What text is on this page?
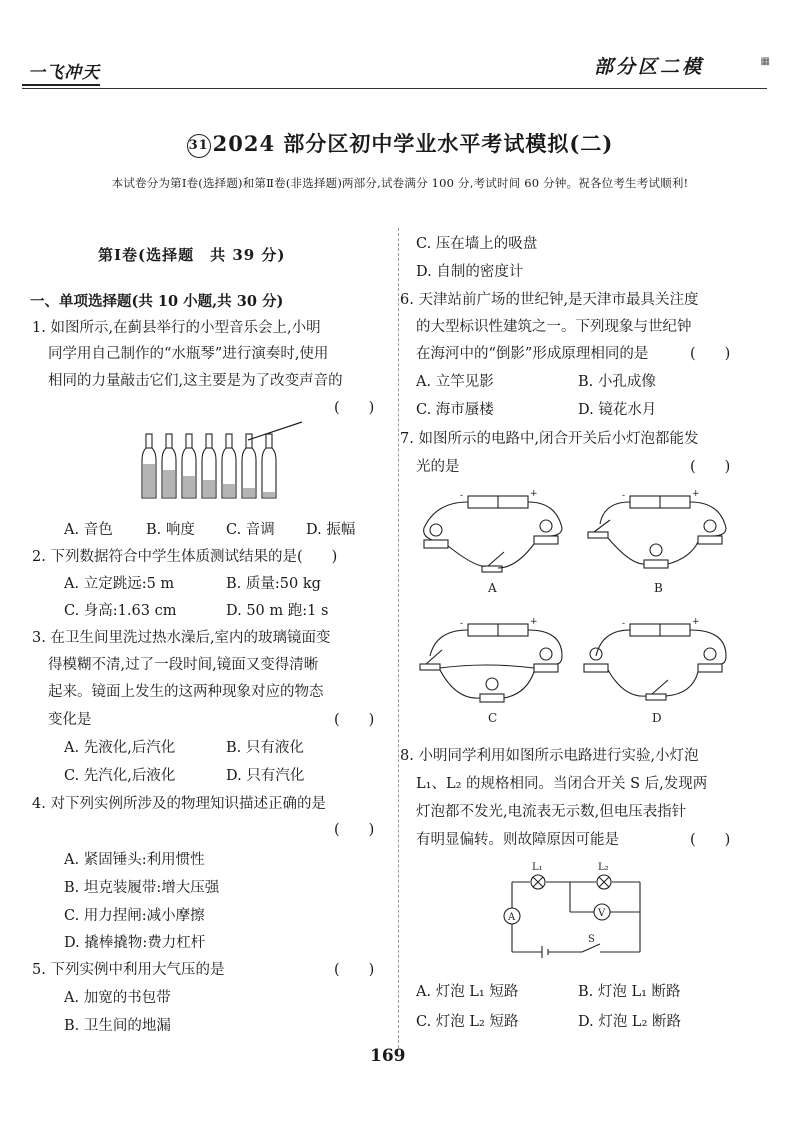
一飞冲天	部分区二模	▦
31 2024 部分区初中学业水平考试模拟(二)
本试卷分为第Ⅰ卷(选择题)和第Ⅱ卷(非选择题)两部分,试卷满分 100 分,考试时间 60 分钟。祝各位考生考试顺利!
第Ⅰ卷(选择题　共 39 分)
一、单项选择题(共 10 小题,共 30 分)
1. 如图所示,在蓟县举行的小型音乐会上,小明
同学用自己制作的“水瓶琴”进行演奏时,使用
相同的力量敲击它们,这主要是为了改变声音的
(　　)
A. 音色 B. 响度 C. 音调 D. 振幅
2. 下列数据符合中学生体质测试结果的是(　　)
A. 立定跳远:5 m	B. 质量:50 kg
C. 身高:1.63 cm	D. 50 m 跑:1 s
3. 在卫生间里洗过热水澡后,室内的玻璃镜面变
得模糊不清,过了一段时间,镜面又变得清晰
起来。镜面上发生的这两种现象对应的物态
变化是	(　　)
A. 先液化,后汽化	B. 只有液化
C. 先汽化,后液化	D. 只有汽化
4. 对下列实例所涉及的物理知识描述正确的是
(　　)
A. 紧固锤头:利用惯性
B. 坦克装履带:增大压强
C. 用力捏闸:减小摩擦
D. 撬棒撬物:费力杠杆
5. 下列实例中利用大气压的是	(　　)
A. 加宽的书包带
B. 卫生间的地漏
C. 压在墙上的吸盘
D. 自制的密度计
6. 天津站前广场的世纪钟,是天津市最具关注度
的大型标识性建筑之一。下列现象与世纪钟
在海河中的“倒影”形成原理相同的是	(　　)
A. 立竿见影	B. 小孔成像
C. 海市蜃楼	D. 镜花水月
7. 如图所示的电路中,闭合开关后小灯泡都能发
光的是	(　　)
-	+
A
-	+
B
-	+
C
-	+
D
8. 小明同学利用如图所示电路进行实验,小灯泡
L₁、L₂ 的规格相同。当闭合开关 S 后,发现两
灯泡都不发光,电流表无示数,但电压表指针
有明显偏转。则故障原因可能是	(　　)
L₁	L₂
A	V
S
A. 灯泡 L₁ 短路	B. 灯泡 L₁ 断路
C. 灯泡 L₂ 短路	D. 灯泡 L₂ 断路
169
